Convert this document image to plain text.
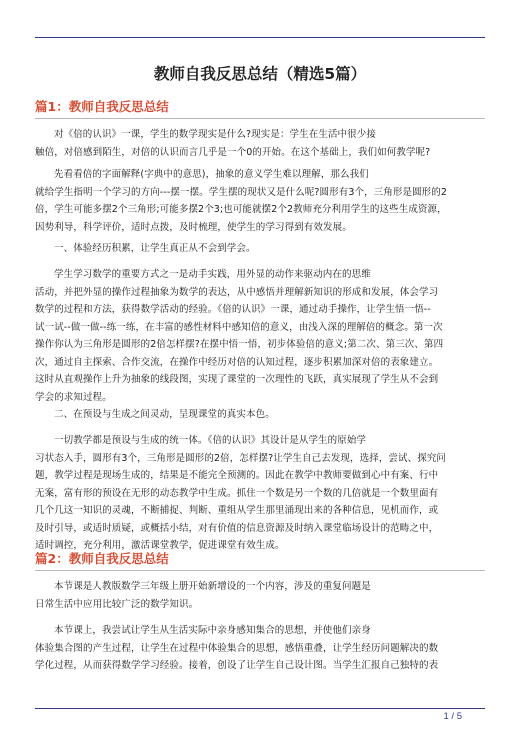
教师自我反思总结（精选5篇）
篇1：教师自我反思总结

对《倍的认识》一课，学生的数学现实是什么?现实是：学生在生活中很少接
触倍，对倍感到陌生，对倍的认识而言几乎是一个0的开始。在这个基础上，我们如何教学呢?

先看看倍的字面解释(字典中的意思)，抽象的意义学生难以理解，那么我们
就给学生指明一个学习的方向---摆一摆。学生摆的现状又是什么呢?圆形有3个，三角形是圆形的2
倍，学生可能多摆2个三角形;可能多摆2个3;也可能就摆2个2教师充分利用学生的这些生成资源，
因势利导，科学评价，适时点拨，及时梳理，使学生的学习得到有效发展。

一、体验经历积累，让学生真正从不会到学会。

学生学习数学的重要方式之一是动手实践，用外显的动作来驱动内在的思维
活动，并把外显的操作过程抽象为数学的表达，从中感悟并理解新知识的形成和发展，体会学习
数学的过程和方法，获得数学活动的经验。《倍的认识》一课，通过动手操作，让学生悟一悟--
试一试--做一做--练一练，在丰富的感性材料中感知倍的意义，由浅入深的理解倍的概念。第一次
操作你认为三角形是圆形的2倍怎样摆?在摆中悟一悟，初步体验倍的意义;第二次、第三次、第四
次，通过自主探索、合作交流，在操作中经历对倍的认知过程，逐步积累加深对倍的表象建立。
这时从直观操作上升为抽象的线段图，实现了课堂的一次理性的飞跃，真实展现了学生从不会到
学会的求知过程。

二、在预设与生成之间灵动，呈现课堂的真实本色。

一切教学都是预设与生成的统一体。《倍的认识》其设计是从学生的原始学
习状态入手，圆形有3个，三角形是圆形的2倍，怎样摆?让学生自己去发现，选择，尝试、探究问
题，教学过程是现场生成的，结果是不能完全预测的。因此在教学中教师要做到心中有案、行中
无案，富有形的预设在无形的动态教学中生成。抓住一个数是另一个数的几倍就是一个数里面有
几个几这一知识的灵魂，不断捕捉、判断、重组从学生那里涌现出来的各种信息，见机而作，或
及时引导，或适时质疑，或概括小结，对有价值的信息资源及时纳入课堂临场设计的范畴之中，
适时调控，充分利用，激活课堂教学，促进课堂有效生成。

篇2：教师自我反思总结

本节课是人教版数学三年级上册开始新增设的一个内容，涉及的重复问题是
日常生活中应用比较广泛的数学知识。

本节课上，我尝试让学生从生活实际中亲身感知集合的思想，并使他们亲身
体验集合图的产生过程，让学生在过程中体验集合的思想，感悟重叠，让学生经历问题解决的数
学化过程，从而获得数学学习经验。接着，创设了让学生自己设计图。当学生汇报自己独特的表

1 / 5
